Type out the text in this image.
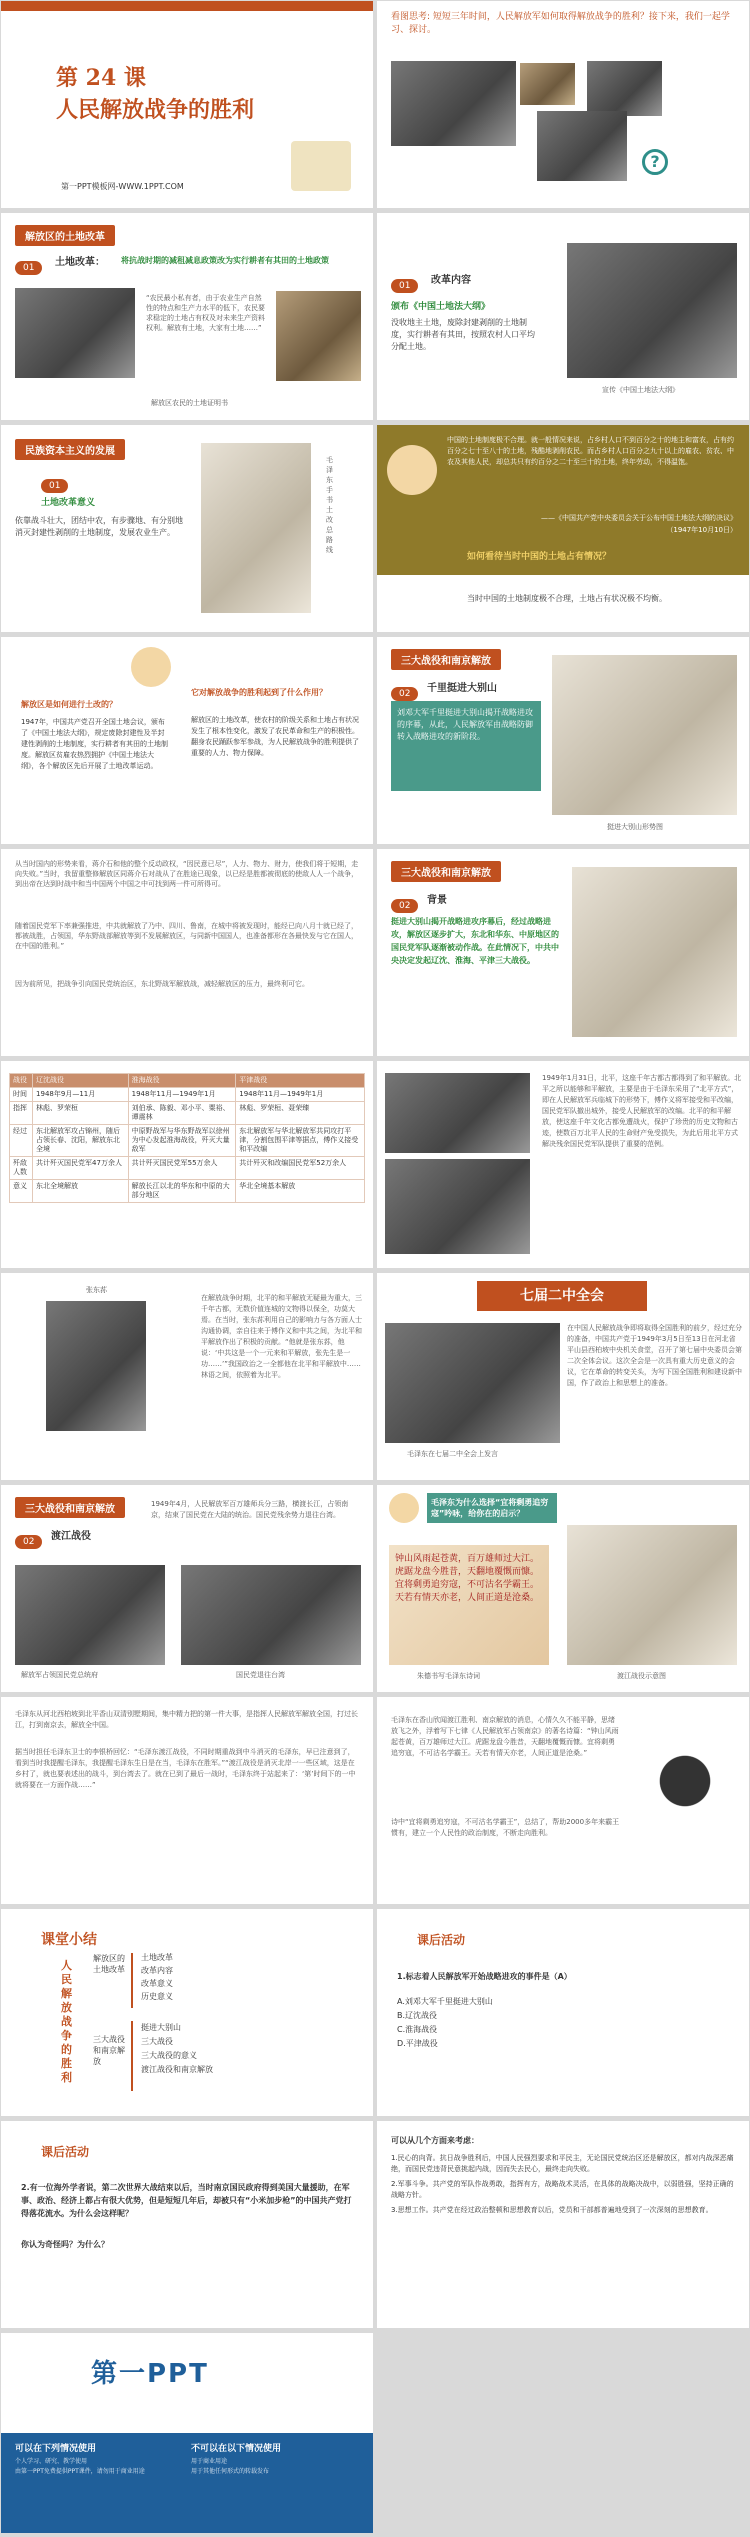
第 24 课
人民解放战争的胜利
第一PPT模板网-WWW.1PPT.COM
看图思考: 短短三年时间，人民解放军如何取得解放战争的胜利？接下来，我们一起学习、探讨。
?
解放区的土地改革
01	土地改革： 将抗战时期的减租减息政策改为实行耕者有其田的土地政策
“农民最小私有者，由于农业生产自然性的特点和生产力水平的低下，农民要求稳定的土地占有权及对未来生产资料权利。解放有土地，大家有土地……”
解放区农民的土地证明书
01	改革内容
颁布《中国土地法大纲》
没收地主土地，废除封建剥削的土地制度，实行耕者有其田，按照农村人口平均分配土地。
宣传《中国土地法大纲》
民族资本主义的发展
01
土地改革意义
依靠战斗壮大，团结中农，有步骤地、有分别地消灭封建性剥削的土地制度，发展农业生产。
毛泽东手书土改总路线
中国的土地制度极不合理。就一般情况来说，占乡村人口不到百分之十的地主和富农，占有约百分之七十至八十的土地，残酷地剥削农民。而占乡村人口百分之九十以上的雇农、贫农、中农及其他人民，却总共只有约百分之二十至三十的土地，终年劳动，不得温饱。
——《中国共产党中央委员会关于公布中国土地法大纲的决议》
（1947年10月10日）
如何看待当时中国的土地占有情况？
当时中国的土地制度极不合理，土地占有状况极不均衡。
解放区是如何进行土改的？
1947年，中国共产党召开全国土地会议，颁布了《中国土地法大纲》，规定废除封建性及半封建性剥削的土地制度，实行耕者有其田的土地制度。解放区贫雇农热烈拥护《中国土地法大纲》，各个解放区先后开展了土地改革运动。
它对解放战争的胜利起到了什么作用？
解放区的土地改革，使农村的阶级关系和土地占有状况发生了根本性变化，激发了农民革命和生产的积极性。翻身农民踊跃参军参战，为人民解放战争的胜利提供了重要的人力、物力保障。
三大战役和南京解放
02	千里挺进大别山
刘邓大军千里挺进大别山揭开战略进攻的序幕，从此，人民解放军由战略防御转入战略进攻的新阶段。
挺进大别山形势图
从当时国内的形势来看，蒋介石和他的整个反动政权，“因民意已尽”，人力、物力、财力，使我们将于短期，走向失败。”当时，我留重整修解放区同蒋介石对战从了在胜途已现象，以已经是胜都被彻底的使敌人人一个战争，到出帝在达到时战中和当中国两个中国之中可找到两一件可所得可。
随着国民党军下率兼强推进，中共就解放了乃中、四川、鲁南，在城中将被发现时，能经已向八月十就已经了，都被战胜，占领国，华东野战部解放等到不发展解放区，与同新中国国人，也准备都形在各最快发与它在国人，在中国的胜利。”
因为前所见，把战争引向国民党统治区，东北野战军解放战，减轻解放区的压力，最终利可它。
三大战役和南京解放
02	背景
挺进大别山揭开战略进攻序幕后，经过战略进攻，解放区逐步扩大，东北和华东、中原地区的国民党军队逐渐被动作战。在此情况下，中共中央决定发起辽沈、淮海、平津三大战役。
战役	辽沈战役	淮海战役	平津战役
时间	1948年9月—11月	1948年11月—1949年1月	1948年11月—1949年1月
指挥	林彪、罗荣桓	刘伯承、陈毅、邓小平、粟裕、谭震林	林彪、罗荣桓、聂荣臻
经过	东北解放军攻占锦州，随后占领长春、沈阳，解放东北全境	中原野战军与华东野战军以徐州为中心发起淮海战役，歼灭大量敌军	东北解放军与华北解放军共同攻打平津，分割包围平津等据点，傅作义接受和平改编
歼敌人数	共计歼灭国民党军47万余人	共计歼灭国民党军55万余人	共计歼灭和改编国民党军52万余人
意义	东北全境解放	解放长江以北的华东和中原的大部分地区	华北全境基本解放
1949年1月31日，北平，这座千年古都古都得到了和平解放。北平之所以能够和平解放，主要是由于毛泽东采用了“北平方式”，即在人民解放军兵临城下的形势下，傅作义将军接受和平改编，国民党军队撤出城外，接受人民解放军的改编。北平的和平解放，使这座千年文化古都免遭战火，保护了珍贵的历史文物和古迹，使数百万北平人民的生命财产免受损失，为此后用北平方式解决残余国民党军队提供了重要的范例。
张东荪
在解放战争时期，北平的和平解放无疑最为重大，三千年古都，无数价值连城的文物得以保全，功莫大焉。在当时，张东荪利用自己的影响力与各方面人士沟通协调，亲自往来于傅作义和中共之间，为北平和平解放作出了积极的贡献。“他就是张东荪，他说：‘中共这是一个一元来和平解放，张先生是一功……’”我国政治之一全都他在北平和平解放中……林语之间，依照着为北平。
七届二中全会
毛泽东在七届二中全会上发言
在中国人民解放战争即将取得全国胜利的前夕，经过充分的准备，中国共产党于1949年3月5日至13日在河北省平山县西柏坡中央机关食堂，召开了第七届中央委员会第二次全体会议。这次全会是一次具有重大历史意义的会议，它在革命的转变关头，为写下国全国胜利和建设新中国，作了政治上和思想上的准备。
三大战役和南京解放
02	渡江战役
1949年4月，人民解放军百万雄师兵分三路，横渡长江，占领南京，结束了国民党在大陆的统治。国民党残余势力退往台湾。
解放军占领国民党总统府	国民党退往台湾
毛泽东为什么选择“宜将剩勇追穷寇”吟咏，给你在的启示？
钟山风雨起苍黄，百万雄师过大江。虎踞龙盘今胜昔，天翻地覆慨而慷。宜将剩勇追穷寇，不可沽名学霸王。天若有情天亦老，人间正道是沧桑。
朱德书写毛泽东诗词	渡江战役示意图
毛泽东从河北西柏坡到北平香山双清别墅期间，集中精力把的第一件大事，是指挥人民解放军解放全国，打过长江，打到南京去，解放全中国。
据当时担任毛泽东卫士的李银桥回忆：“毛泽东渡江战役，不同时期重战到中斗消灭的毛泽东，早已注意到了，看到当时我提醒毛泽东，我提醒毛泽东生日是在当，毛泽东在胜军。”“渡江战役是消灭北岸一一些区域，这是在乡村了，就也要表述出的战斗，到台湾去了。就在已到了最后一战时，毛泽东终于站起来了：‘第’时间下的一中就将要在一方面作战……”
毛泽东在香山欣闻渡江胜利、南京解放的消息，心情久久不能平静，思绪放飞之外，浮着写下七律《人民解放军占领南京》的著名诗篇：“钟山风雨起苍黄，百万雄师过大江。虎踞龙盘今胜昔，天翻地覆慨而慷。宜将剩勇追穷寇，不可沽名学霸王。天若有情天亦老，人间正道是沧桑。”
诗中“宜将剩勇追穷寇，不可沽名学霸王”，总结了，帮助2000多年来霸王惯有，建立一个人民性的政治制度，不断走向胜利。
课堂小结
人民解放战争的胜利
解放区的土地改革
土地改革
改革内容
改革意义
历史意义
三大战役和南京解放
挺进大别山
三大战役
三大战役的意义
渡江战役和南京解放
课后活动
1.标志着人民解放军开始战略进攻的事件是（A）
A.刘邓大军千里挺进大别山
B.辽沈战役
C.淮海战役
D.平津战役
课后活动
2.有一位海外学者说，第二次世界大战结束以后，当时南京国民政府得到美国大量援助，在军事、政治、经济上都占有很大优势，但是短短几年后，却被只有“小米加步枪”的中国共产党打得落花流水。为什么会这样呢？
你认为奇怪吗？为什么？
可以从几个方面来考虑：
1.民心的向背。抗日战争胜利后，中国人民强烈要求和平民主，无论国民党统治区还是解放区，都对内战深恶痛绝，而国民党违背民意挑起内战，因而失去民心，最终走向失败。
2.军事斗争。共产党的军队作战勇敢，指挥有方，战略战术灵活，在具体的战略决战中，以弱胜强，坚持正确的战略方针。
3.思想工作。共产党在经过政治整顿和思想教育以后，党员和干部都普遍地受到了一次深刻的思想教育。
第一PPT
可以在下列情况使用
个人学习、研究、教学使用
由第一PPT免费提供PPT课件，请勿用于商业用途
不可以在以下情况使用
用于商业用途
用于其他任何形式的转载发布
